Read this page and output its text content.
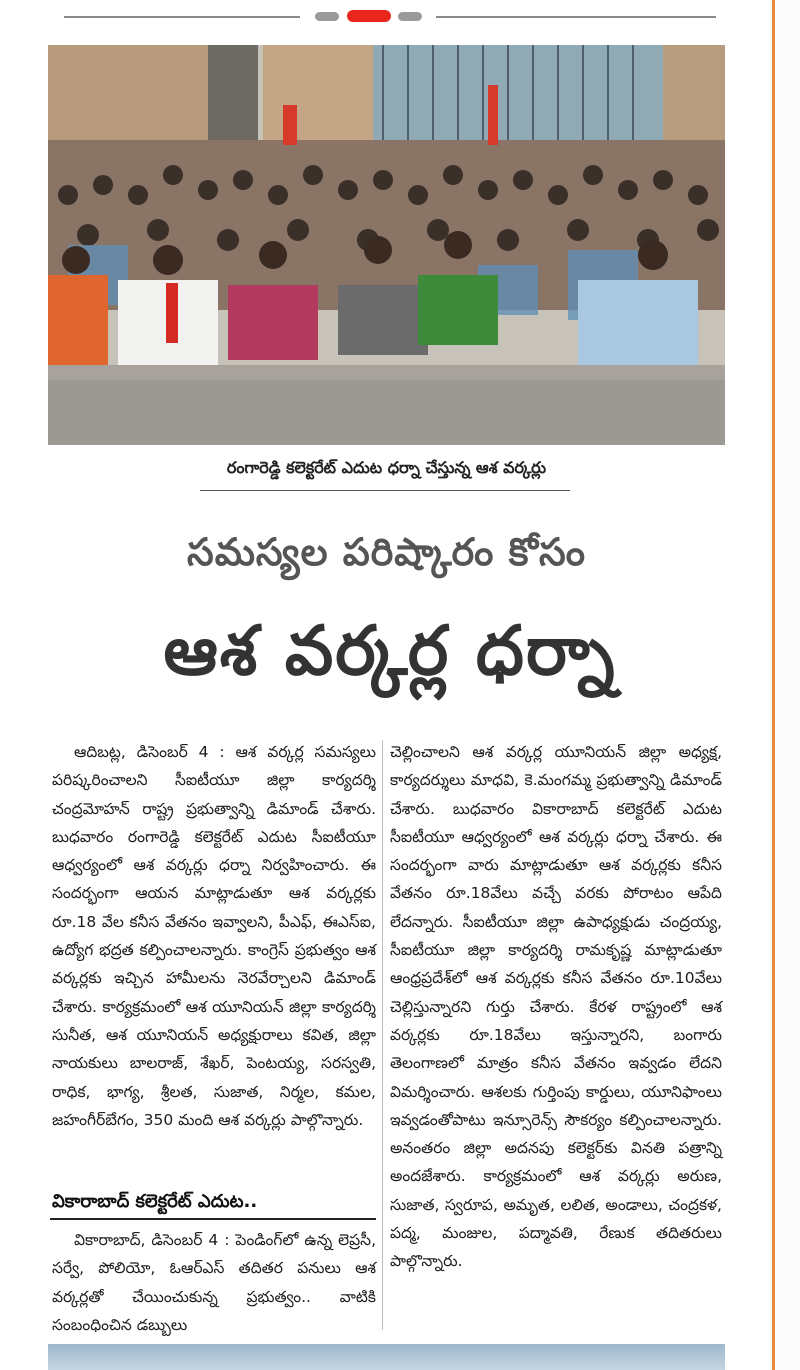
రంగారెడ్డి కలెక్టరేట్ ఎదుట ధర్నా చేస్తున్న ఆశ వర్కర్లు
సమస్యల పరిష్కారం కోసం
ఆశ వర్కర్ల ధర్నా

ఆదిబట్ల, డిసెంబర్ 4 : ఆశ వర్కర్ల సమస్యలు పరిష్కరించాలని సీఐటీయూ జిల్లా కార్యదర్శి చంద్రమోహన్ రాష్ట్ర ప్రభుత్వాన్ని డిమాండ్ చేశారు. బుధవారం రంగారెడ్డి కలెక్టరేట్ ఎదుట సీఐటీయూ ఆధ్వర్యంలో ఆశ వర్కర్లు ధర్నా నిర్వహించారు. ఈ సందర్భంగా ఆయన మాట్లాడుతూ ఆశ వర్కర్లకు రూ.18 వేల కనీస వేతనం ఇవ్వాలని, పీఎఫ్, ఈఎస్ఐ, ఉద్యోగ భద్రత కల్పించాలన్నారు. కాంగ్రెస్ ప్రభుత్వం ఆశ వర్కర్లకు ఇచ్చిన హామీలను నెరవేర్చాలని డిమాండ్ చేశారు. కార్యక్రమంలో ఆశ యూనియన్ జిల్లా కార్యదర్శి సునీత, ఆశ యూనియన్ అధ్యక్షురాలు కవిత, జిల్లా నాయకులు బాలరాజ్, శేఖర్, పెంటయ్య, సరస్వతి, రాధిక, భాగ్య, శ్రీలత, సుజాత, నిర్మల, కమల, జహంగీర్‌బేగం, 350 మంది ఆశ వర్కర్లు పాల్గొన్నారు.

వికారాబాద్ కలెక్టరేట్ ఎదుట..

వికారాబాద్, డిసెంబర్ 4 : పెండింగ్‌లో ఉన్న లెప్రసీ, సర్వే, పోలియో, ఓఆర్ఎస్ తదితర పనులు ఆశ వర్కర్లతో చేయించుకున్న ప్రభుత్వం.. వాటికి సంబంధించిన డబ్బులు

చెల్లించాలని ఆశ వర్కర్ల యూనియన్ జిల్లా అధ్యక్ష, కార్యదర్శులు మాధవి, కె.మంగమ్మ ప్రభుత్వాన్ని డిమాండ్ చేశారు. బుధవారం వికారాబాద్ కలెక్టరేట్ ఎదుట సీఐటీయూ ఆధ్వర్యంలో ఆశ వర్కర్లు ధర్నా చేశారు. ఈ సందర్భంగా వారు మాట్లాడుతూ ఆశ వర్కర్లకు కనీస వేతనం రూ.18వేలు వచ్చే వరకు పోరాటం ఆపేది లేదన్నారు. సీఐటీయూ జిల్లా ఉపాధ్యక్షుడు చంద్రయ్య, సీఐటీయూ జిల్లా కార్యదర్శి రామకృష్ణ మాట్లాడుతూ ఆంధ్రప్రదేశ్‌లో ఆశ వర్కర్లకు కనీస వేతనం రూ.10వేలు చెల్లిస్తున్నారని గుర్తు చేశారు. కేరళ రాష్ట్రంలో ఆశ వర్కర్లకు రూ.18వేలు ఇస్తున్నారని, బంగారు తెలంగాణలో మాత్రం కనీస వేతనం ఇవ్వడం లేదని విమర్శించారు. ఆశలకు గుర్తింపు కార్డులు, యూనిఫాంలు ఇవ్వడంతోపాటు ఇన్సూరెన్స్ సౌకర్యం కల్పించాలన్నారు. అనంతరం జిల్లా అదనపు కలెక్టర్‌కు వినతి పత్రాన్ని అందజేశారు. కార్యక్రమంలో ఆశ వర్కర్లు అరుణ, సుజాత, స్వరూప, అమృత, లలిత, అండాలు, చంద్రకళ, పద్మ, మంజుల, పద్మావతి, రేణుక తదితరులు పాల్గొన్నారు.
